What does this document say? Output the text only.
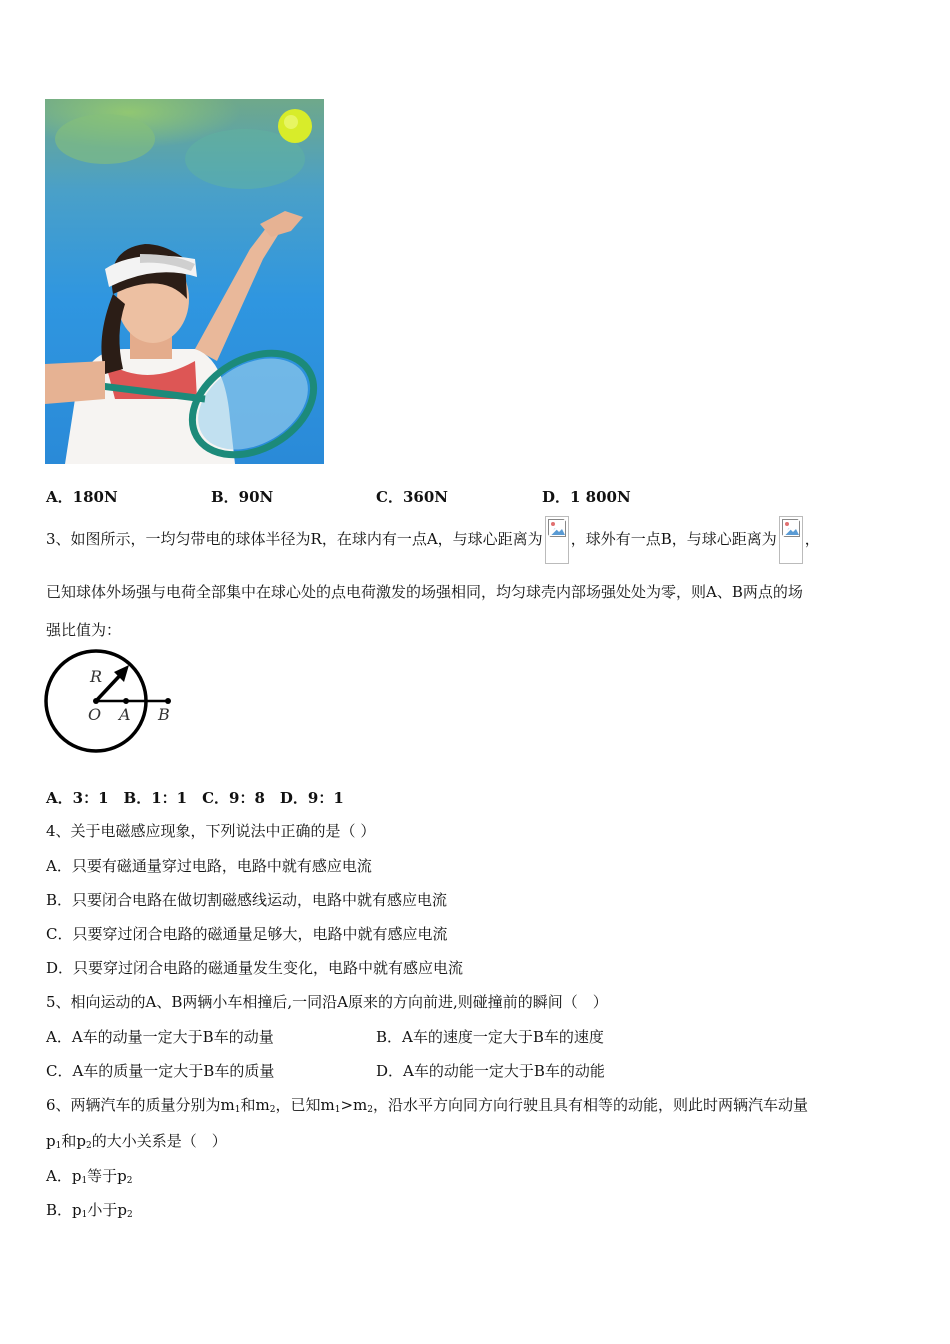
A．180N	B．90N	C．360N	D．1 800N
3、如图所示，一均匀带电的球体半径为R，在球内有一点A，与球心距离为 ，球外有一点B，与球心距离为 ，
已知球体外场强与电荷全部集中在球心处的点电荷激发的场强相同，均匀球壳内部场强处处为零，则A、B两点的场
强比值为：
R
O A B
A．3：1　B．1：1　C．9：8　D．9：1
4、关于电磁感应现象，下列说法中正确的是（ ）
A．只要有磁通量穿过电路，电路中就有感应电流
B．只要闭合电路在做切割磁感线运动，电路中就有感应电流
C．只要穿过闭合电路的磁通量足够大，电路中就有感应电流
D．只要穿过闭合电路的磁通量发生变化，电路中就有感应电流
5、相向运动的A、B两辆小车相撞后,一同沿A原来的方向前进,则碰撞前的瞬间（　）
A．A车的动量一定大于B车的动量	B．A车的速度一定大于B车的速度
C．A车的质量一定大于B车的质量	D．A车的动能一定大于B车的动能
6、两辆汽车的质量分别为$m_1$和$m_2$，已知$m_1>m_2$，沿水平方向同方向行驶且具有相等的动能，则此时两辆汽车动量
$p_1$和$p_2$的大小关系是（　）
A．$p_1$等于$p_2$
B．$p_1$小于$p_2$
